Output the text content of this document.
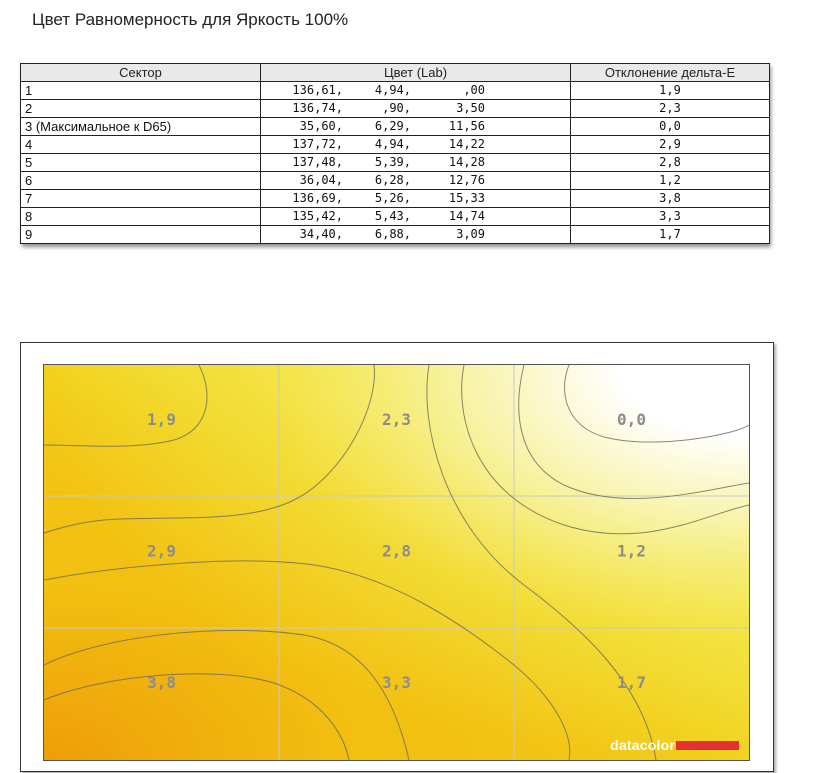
Цвет Равномерность для Яркость 100%
Сектор	Цвет (Lab)	Отклонение дельта-E
1	136,61, 4,94, ,00	1,9
2	136,74, ,90, 3,50	2,3
3 (Максимальное к D65)	35,60, 6,29, 11,56	0,0
4	137,72, 4,94, 14,22	2,9
5	137,48, 5,39, 14,28	2,8
6	36,04, 6,28, 12,76	1,2
7	136,69, 5,26, 15,33	3,8
8	135,42, 5,43, 14,74	3,3
9	34,40, 6,88, 3,09	1,7
1,9	2,3	0,0
2,9	2,8	1,2
3,8	3,3	1,7
datacolor
